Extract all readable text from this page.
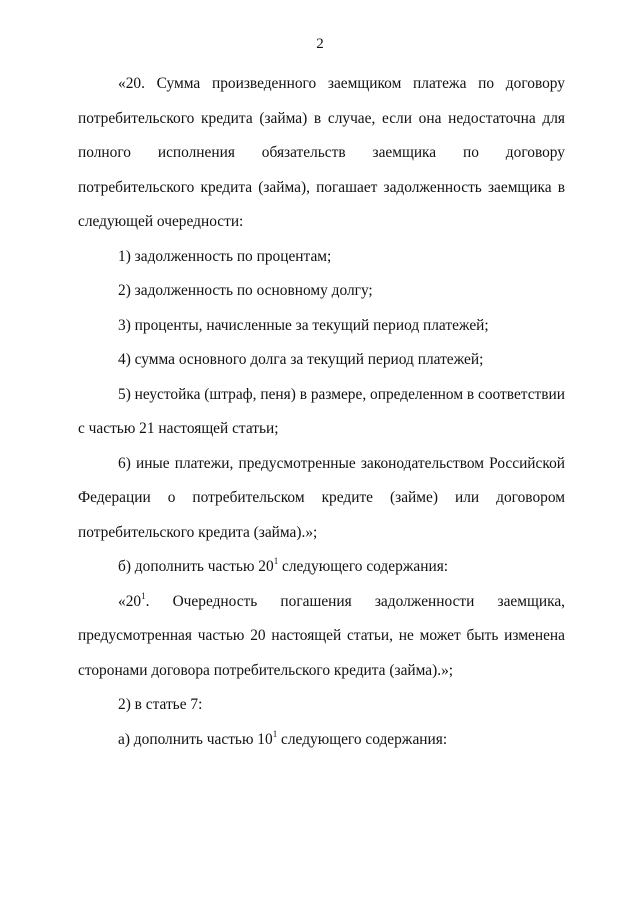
2

«20. Сумма произведенного заемщиком платежа по договору потребительского кредита (займа) в случае, если она недостаточна для полного исполнения обязательств заемщика по договору потребительского кредита (займа), погашает задолженность заемщика в следующей очередности:

1) задолженность по процентам;

2) задолженность по основному долгу;

3) проценты, начисленные за текущий период платежей;

4) сумма основного долга за текущий период платежей;

5) неустойка (штраф, пеня) в размере, определенном в соответствии с частью 21 настоящей статьи;

6) иные платежи, предусмотренные законодательством Российской Федерации о потребительском кредите (займе) или договором потребительского кредита (займа).»;

б) дополнить частью $20^1$ следующего содержания:

«$20^1$. Очередность погашения задолженности заемщика, предусмотренная частью 20 настоящей статьи, не может быть изменена сторонами договора потребительского кредита (займа).»;

2) в статье 7:

а) дополнить частью $10^1$ следующего содержания:
